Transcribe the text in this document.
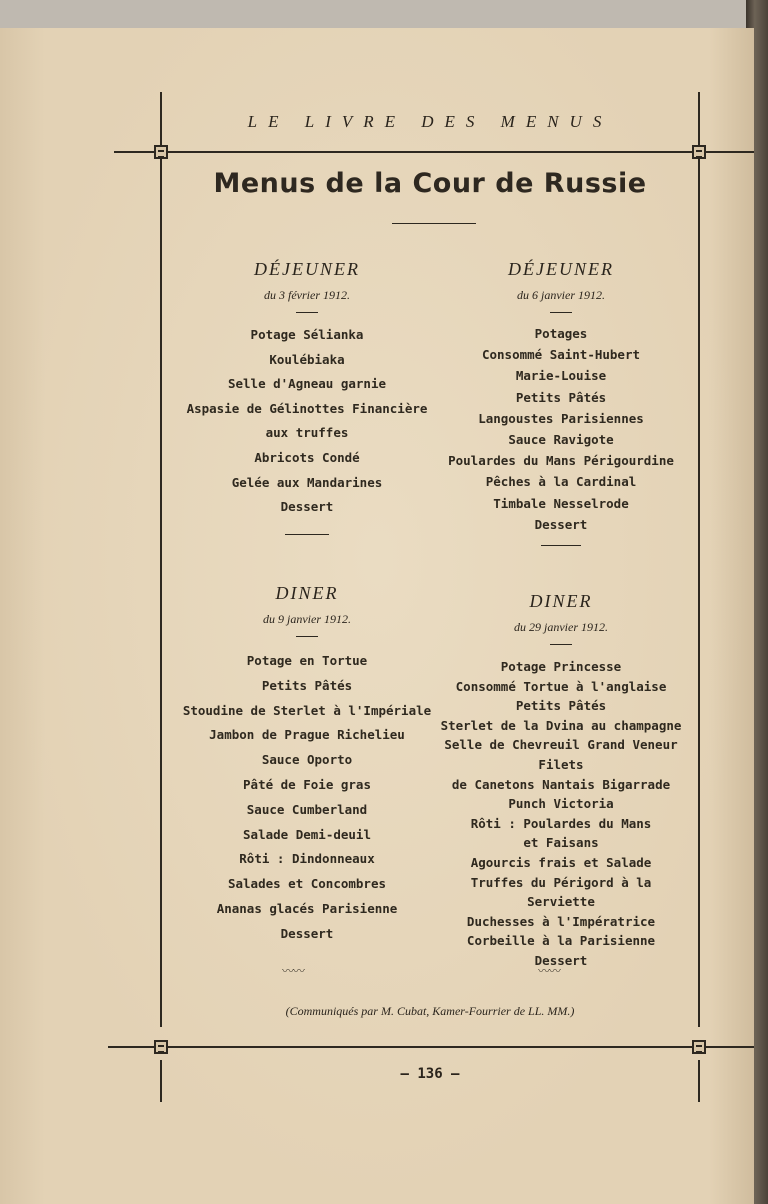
LE LIVRE DES MENUS
Menus de la Cour de Russie
DÉJEUNER
du 3 février 1912.
Potage Sélianka
Koulébiaka
Selle d'Agneau garnie
Aspasie de Gélinottes Financière
aux truffes
Abricots Condé
Gelée aux Mandarines
Dessert
DÉJEUNER
du 6 janvier 1912.
Potages
Consommé Saint-Hubert
Marie-Louise
Petits Pâtés
Langoustes Parisiennes
Sauce Ravigote
Poulardes du Mans Périgourdine
Pêches à la Cardinal
Timbale Nesselrode
Dessert
DINER
du 9 janvier 1912.
Potage en Tortue
Petits Pâtés
Stoudine de Sterlet à l'Impériale
Jambon de Prague Richelieu
Sauce Oporto
Pâté de Foie gras
Sauce Cumberland
Salade Demi-deuil
Rôti : Dindonneaux
Salades et Concombres
Ananas glacés Parisienne
Dessert
DINER
du 29 janvier 1912.
Potage Princesse
Consommé Tortue à l'anglaise
Petits Pâtés
Sterlet de la Dvina au champagne
Selle de Chevreuil Grand Veneur
Filets
de Canetons Nantais Bigarrade
Punch Victoria
Rôti : Poulardes du Mans
et Faisans
Agourcis frais et Salade
Truffes du Périgord à la Serviette
Duchesses à l'Impératrice
Corbeille à la Parisienne
Dessert
〰〰	〰〰
(Communiqués par M. Cubat, Kamer-Fourrier de LL. MM.)
— 136 —
